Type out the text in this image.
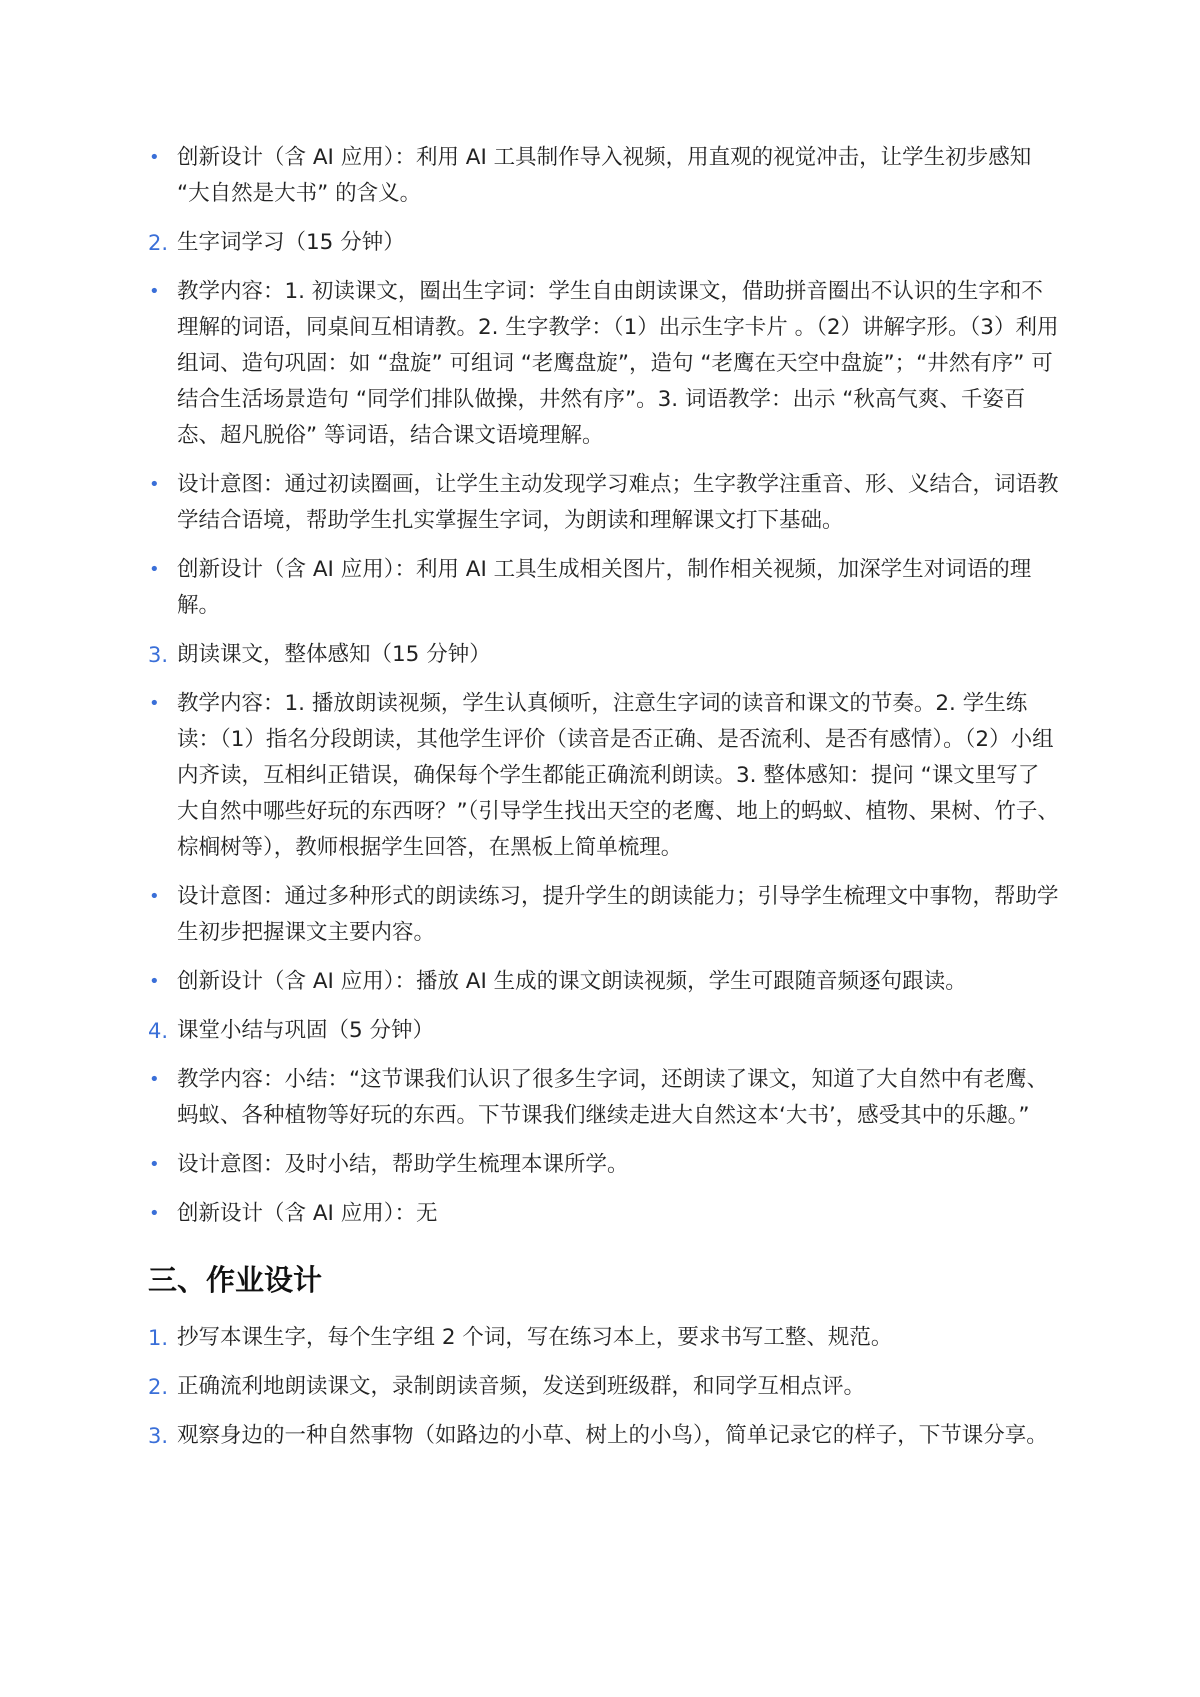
• 创新设计（含 AI 应用）：利用 AI 工具制作导入视频，用直观的视觉冲击，让学生初步感知 “大自然是大书” 的含义。
2. 生字词学习（15 分钟）
• 教学内容：1. 初读课文，圈出生字词：学生自由朗读课文，借助拼音圈出不认识的生字和不理解的词语，同桌间互相请教。2. 生字教学：（1）出示生字卡片 。（2）讲解字形。（3）利用组词、造句巩固：如 “盘旋” 可组词 “老鹰盘旋”，造句 “老鹰在天空中盘旋”；“井然有序” 可结合生活场景造句 “同学们排队做操，井然有序”。3. 词语教学：出示 “秋高气爽、千姿百态、超凡脱俗” 等词语，结合课文语境理解。
• 设计意图：通过初读圈画，让学生主动发现学习难点；生字教学注重音、形、义结合，词语教学结合语境，帮助学生扎实掌握生字词，为朗读和理解课文打下基础。
• 创新设计（含 AI 应用）：利用 AI 工具生成相关图片，制作相关视频，加深学生对词语的理解。
3. 朗读课文，整体感知（15 分钟）
• 教学内容：1. 播放朗读视频，学生认真倾听，注意生字词的读音和课文的节奏。2. 学生练读：（1）指名分段朗读，其他学生评价（读音是否正确、是否流利、是否有感情）。（2）小组内齐读，互相纠正错误，确保每个学生都能正确流利朗读。3. 整体感知：提问 “课文里写了大自然中哪些好玩的东西呀？”（引导学生找出天空的老鹰、地上的蚂蚁、植物、果树、竹子、棕榈树等），教师根据学生回答，在黑板上简单梳理。
• 设计意图：通过多种形式的朗读练习，提升学生的朗读能力；引导学生梳理文中事物，帮助学生初步把握课文主要内容。
• 创新设计（含 AI 应用）：播放 AI 生成的课文朗读视频，学生可跟随音频逐句跟读。
4. 课堂小结与巩固（5 分钟）
• 教学内容：小结：“这节课我们认识了很多生字词，还朗读了课文，知道了大自然中有老鹰、蚂蚁、各种植物等好玩的东西。下节课我们继续走进大自然这本‘大书’，感受其中的乐趣。”
• 设计意图：及时小结，帮助学生梳理本课所学。
• 创新设计（含 AI 应用）：无
三、作业设计
1. 抄写本课生字，每个生字组 2 个词，写在练习本上，要求书写工整、规范。
2. 正确流利地朗读课文，录制朗读音频，发送到班级群，和同学互相点评。
3. 观察身边的一种自然事物（如路边的小草、树上的小鸟），简单记录它的样子，下节课分享。
